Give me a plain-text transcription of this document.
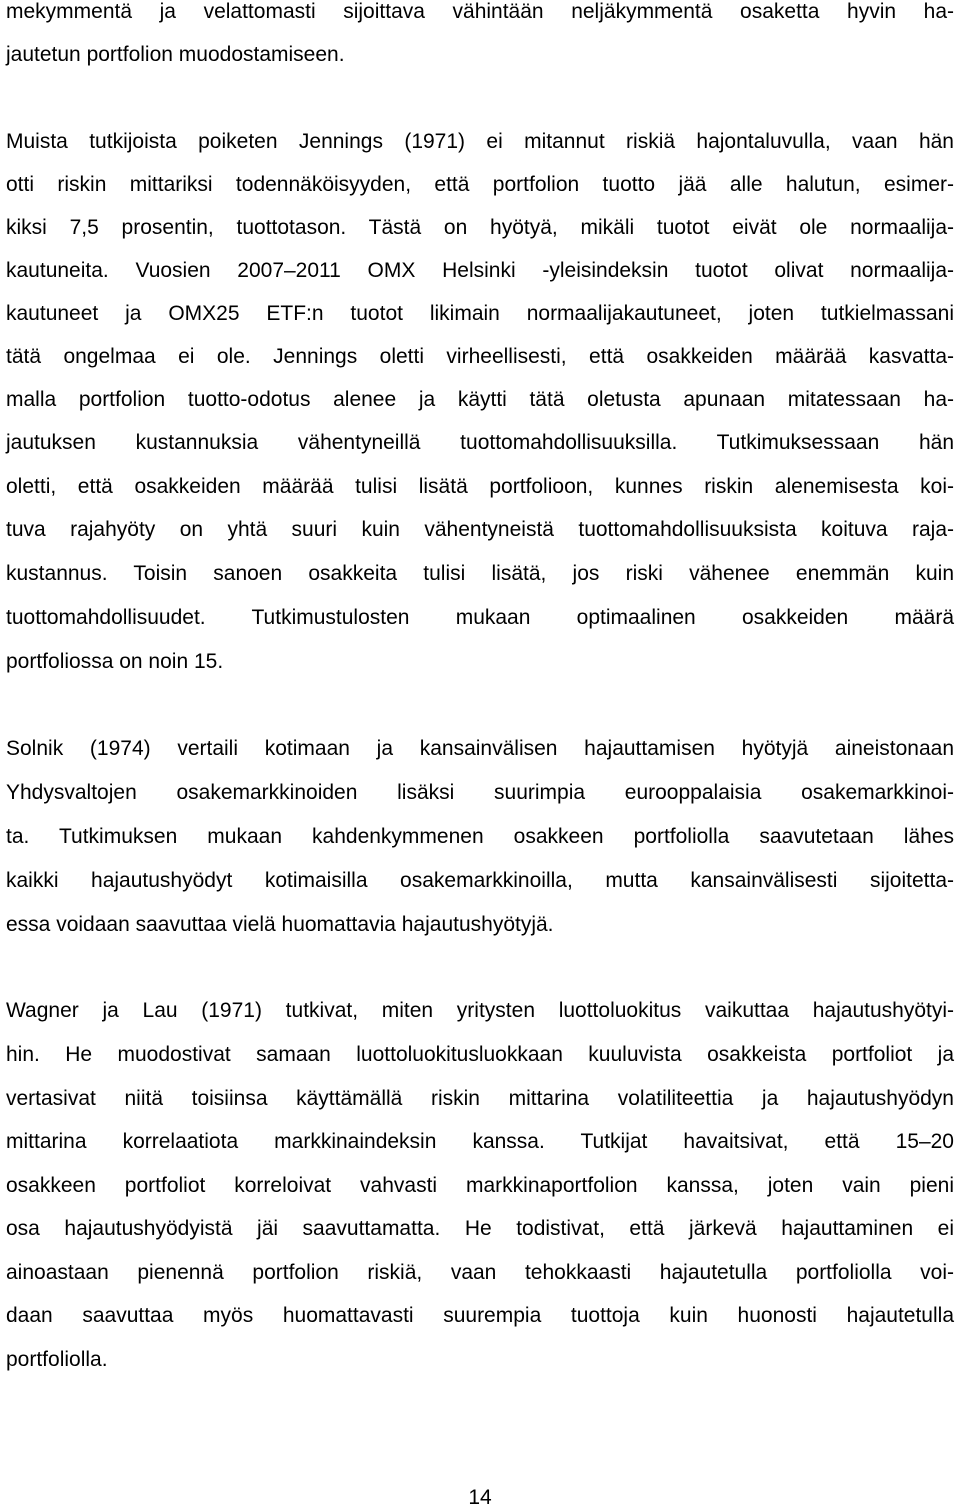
mekymmentä ja velattomasti sijoittava vähintään neljäkymmentä osaketta hyvin ha-
jautetun portfolion muodostamiseen.
Muista tutkijoista poiketen Jennings (1971) ei mitannut riskiä hajontaluvulla, vaan hän
otti riskin mittariksi todennäköisyyden, että portfolion tuotto jää alle halutun, esimer-
kiksi 7,5 prosentin, tuottotason. Tästä on hyötyä, mikäli tuotot eivät ole normaalija-
kautuneita. Vuosien 2007–2011 OMX Helsinki -yleisindeksin tuotot olivat normaalija-
kautuneet ja OMX25 ETF:n tuotot likimain normaalijakautuneet, joten tutkielmassani
tätä ongelmaa ei ole. Jennings oletti virheellisesti, että osakkeiden määrää kasvatta-
malla portfolion tuotto-odotus alenee ja käytti tätä oletusta apunaan mitatessaan ha-
jautuksen kustannuksia vähentyneillä tuottomahdollisuuksilla. Tutkimuksessaan hän
oletti, että osakkeiden määrää tulisi lisätä portfolioon, kunnes riskin alenemisesta koi-
tuva rajahyöty on yhtä suuri kuin vähentyneistä tuottomahdollisuuksista koituva raja-
kustannus. Toisin sanoen osakkeita tulisi lisätä, jos riski vähenee enemmän kuin
tuottomahdollisuudet. Tutkimustulosten mukaan optimaalinen osakkeiden määrä
portfoliossa on noin 15.
Solnik (1974) vertaili kotimaan ja kansainvälisen hajauttamisen hyötyjä aineistonaan
Yhdysvaltojen osakemarkkinoiden lisäksi suurimpia eurooppalaisia osakemarkkinoi-
ta. Tutkimuksen mukaan kahdenkymmenen osakkeen portfoliolla saavutetaan lähes
kaikki hajautushyödyt kotimaisilla osakemarkkinoilla, mutta kansainvälisesti sijoitetta-
essa voidaan saavuttaa vielä huomattavia hajautushyötyjä.
Wagner ja Lau (1971) tutkivat, miten yritysten luottoluokitus vaikuttaa hajautushyötyi-
hin. He muodostivat samaan luottoluokitusluokkaan kuuluvista osakkeista portfoliot ja
vertasivat niitä toisiinsa käyttämällä riskin mittarina volatiliteettia ja hajautushyödyn
mittarina korrelaatiota markkinaindeksin kanssa. Tutkijat havaitsivat, että 15–20
osakkeen portfoliot korreloivat vahvasti markkinaportfolion kanssa, joten vain pieni
osa hajautushyödyistä jäi saavuttamatta. He todistivat, että järkevä hajauttaminen ei
ainoastaan pienennä portfolion riskiä, vaan tehokkaasti hajautetulla portfoliolla voi-
daan saavuttaa myös huomattavasti suurempia tuottoja kuin huonosti hajautetulla
portfoliolla.
14
